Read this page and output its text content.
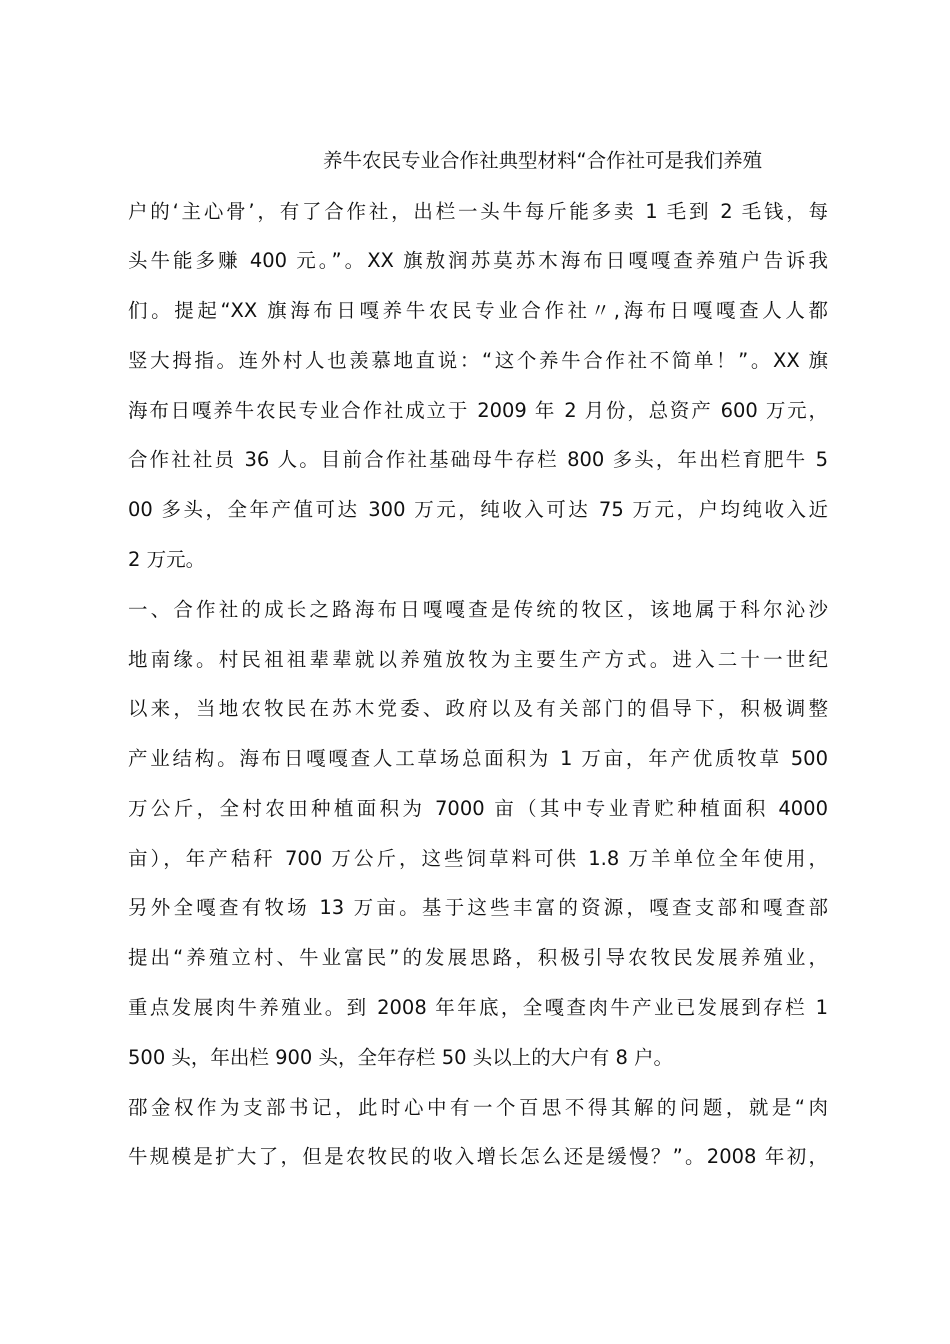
养牛农民专业合作社典型材料“合作社可是我们养殖
户的‘主心骨’，有了合作社，出栏一头牛每斤能多卖 1 毛到 2 毛钱，每
头牛能多赚 400 元。”。XX 旗敖润苏莫苏木海布日嘎嘎查养殖户告诉我
们。提起“XX 旗海布日嘎养牛农民专业合作社〃,海布日嘎嘎查人人都
竖大拇指。连外村人也羡慕地直说：“这个养牛合作社不简单！”。XX 旗
海布日嘎养牛农民专业合作社成立于 2009 年 2 月份，总资产 600 万元，
合作社社员 36 人。目前合作社基础母牛存栏 800 多头，年出栏育肥牛 5
00 多头，全年产值可达 300 万元，纯收入可达 75 万元，户均纯收入近
2 万元。
一、合作社的成长之路海布日嘎嘎查是传统的牧区，该地属于科尔沁沙
地南缘。村民祖祖辈辈就以养殖放牧为主要生产方式。进入二十一世纪
以来，当地农牧民在苏木党委、政府以及有关部门的倡导下，积极调整
产业结构。海布日嘎嘎查人工草场总面积为 1 万亩，年产优质牧草 500
万公斤，全村农田种植面积为 7000 亩（其中专业青贮种植面积 4000
亩），年产秸秆 700 万公斤，这些饲草料可供 1.8 万羊单位全年使用，
另外全嘎查有牧场 13 万亩。基于这些丰富的资源，嘎查支部和嘎查部
提出“养殖立村、牛业富民”的发展思路，积极引导农牧民发展养殖业，
重点发展肉牛养殖业。到 2008 年年底，全嘎查肉牛产业已发展到存栏 1
500 头，年出栏 900 头，全年存栏 50 头以上的大户有 8 户。
邵金权作为支部书记，此时心中有一个百思不得其解的问题，就是“肉
牛规模是扩大了，但是农牧民的收入增长怎么还是缓慢？”。2008 年初，
